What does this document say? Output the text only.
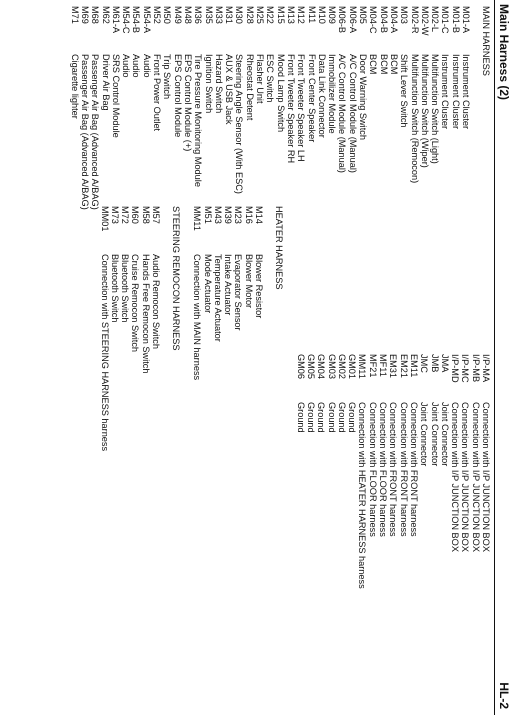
Main Harness (2)
HL-2
MAIN HARNESS
M01-A
Instrument Cluster
M01-B
Instrument Cluster
M01-C
Instrument Cluster
M02-L
Multifunction Switch (Light)
M02-W
Multifunction Switch (Wiper)
M02-R
Multifunction Switch (Remocon)
M03
Shift Lever Switch
M04-A
BCM
M04-B
BCM
M04-C
BCM
M05
Door Warning Switch
M06-A
A/C Control Module (Manual)
M06-B
A/C Control Module (Manual)
M09
Immobilizer Module
M10
Data Link Connector
M11
Front Center Speaker
M12
Front Tweeter Speaker LH
M13
Front Tweeter Speaker RH
M15
Mood Lamp Switch
M22
ESC Switch
M25
Flasher Unit
M28
Rheostat Detent
M30
Steering Angle Sensor (With ESC)
M31
AUX & USB Jack
M33
Hazard Switch
M35
Ignition Switch
M36
Tire Pressure Monitoring Module
M48
EPS Control Module (+)
M49
EPS Control Module
M50
Trip Switch
M52
Front Power Outlet
M54-A
Audio
M54-B
Audio
M54-C
Audio
M61-A
SRS Control Module
M62
Driver Air Bag
M68
Passenger Air Bag (Advanced A/BAG)
M69
Passenger Air Bag (Advanced A/BAG)
M71
Cigarette lighter
I/P-MA
Connection with I/P JUNCTION BOX
I/P-MB
Connection with I/P JUNCTION BOX
I/P-MC
Connection with I/P JUNCTION BOX
I/P-MD
Connection with I/P JUNCTION BOX
JMA
Joint Connector
JMB
Joint Connector
JMC
Joint Connector
EM11
Connection with FRONT harness
EM21
Connection with FRONT harness
EM31
Connection with FRONT harness
MF11
Connection with FLOOR harness
MF21
Connection with FLOOR harness
MM11
Connection with HEATER HARNESS harness
GM01
Ground
GM02
Ground
GM03
Ground
GM04
Ground
GM05
Ground
GM06
Ground
HEATER HARNESS
M14
Blower Resistor
M16
Blower Motor
M23
Evaporator Sensor
M39
Intake Actuator
M43
Temperature Actuator
M51
Mode Actuator
MM11
Connection with MAIN harness
STEERING REMOCON HARNESS
M57
Audio Remocon Switch
M58
Hands Free Remocon Switch
M60
Cruise Remocon Switch
M72
Bluetooth Switch
M73
Bluetooth Switch
MM01
Connection with STEERING HARNESS harness
